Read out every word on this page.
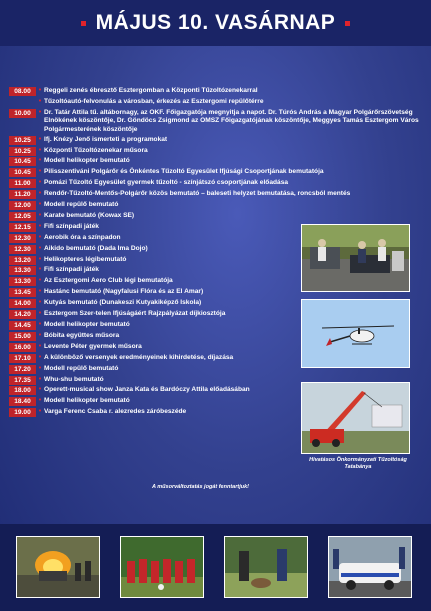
MÁJUS 10. VASÁRNAP
08.00	• Reggeli zenés ébresztő Esztergomban a Központi Tűzoltózenekarral
• Tűzoltóautó-felvonulás a városban, érkezés az Esztergomi repülőtérre
10.00	• Dr. Tatár Attila tű. altábornagy, az OKF. Főigazgatója megnyitja a napot. Dr. Túrós András a Magyar Polgárőrszövetség Elnökének köszöntője, Dr. Göndöcs Zsigmond az OMSZ Főigazgatójának köszöntője, Meggyes Tamás Esztergom Város Polgármesterének köszöntője
10.25	• Ifj. Knézy Jenő ismerteti a programokat
10.25	• Központi Tűzoltózenekar műsora
10.45	• Modell helikopter bemutató
10.45	• Pilisszentiváni Polgárőr és Önkéntes Tűzoltó Egyesület Ifjúsági Csoportjának bemutatója
11.00	• Pomázi Tűzoltó Egyesület gyermek tűzoltó - színjátszó csoportjának előadása
11.20	• Rendőr-Tűzoltó-Mentős-Polgárőr közös bemutató – baleseti helyzet bemutatása, roncsból mentés
12.00	• Modell repülő bemutató
12.05	• Karate bemutató (Kowax SE)
12.15	• Fifi színpadi játék
12.30	• Aerobik óra a színpadon
12.30	• Aikido bemutató (Dada Ima Dojo)
13.20	• Helikopteres légibemutató
13.30	• Fifi színpadi játék
13.30	• Az Esztergomi Aero Club légi bemutatója
13.45	• Hastánc bemutató (Nagyfalusi Flóra és az El Amar)
14.00	• Kutyás bemutató (Dunakeszi Kutyakiképző Iskola)
14.20	• Esztergom Szer-telen Ifjúságáért Rajzpályázat díjkiosztója
14.45	• Modell helikopter bemutató
15.00	• Bóbita együttes műsora
16.00	• Levente Péter gyermek műsora
17.10	• A különböző versenyek eredményeinek kihirdetése, díjazása
17.20	• Modell repülő bemutató
17.35	• Whu-shu bemutató
18.00	• Operett-musical show Janza Kata és Bardóczy Attila előadásában
18.40	• Modell helikopter bemutató
19.00	• Varga Ferenc Csaba r. alezredes záróbeszéde
Hivatásos Önkormányzati Tűzoltóság Tatabánya
A műsorváltoztatás jogát fenntartjuk!
